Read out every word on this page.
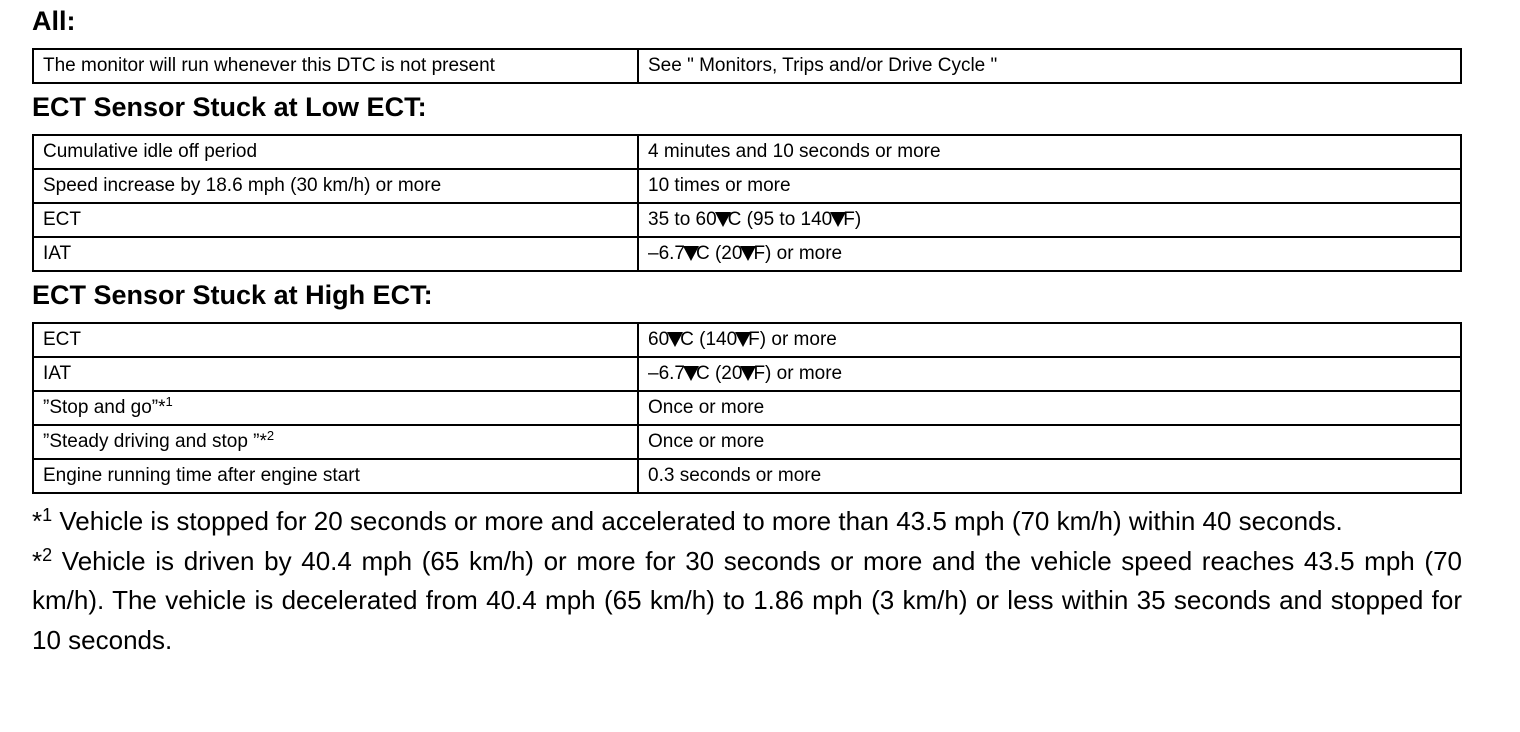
All:
The monitor will run whenever this DTC is not present	See " Monitors, Trips and/or Drive Cycle "
ECT Sensor Stuck at Low ECT:
Cumulative idle off period	4 minutes and 10 seconds or more
Speed increase by 18.6 mph (30 km/h) or more	10 times or more
ECT	35 to 60 C (95 to 140 F)
IAT	–6.7 C (20 F) or more
ECT Sensor Stuck at High ECT:
ECT	60 C (140 F) or more
IAT	–6.7 C (20 F) or more
”Stop and go”*$^1$	Once or more
”Steady driving and stop ”*$^2$	Once or more
Engine running time after engine start	0.3 seconds or more

*$^1$ Vehicle is stopped for 20 seconds or more and accelerated to more than 43.5 mph (70 km/h) within 40 seconds.

*$^2$ Vehicle is driven by 40.4 mph (65 km/h) or more for 30 seconds or more and the vehicle speed reaches 43.5 mph (70 km/h). The vehicle is decelerated from 40.4 mph (65 km/h) to 1.86 mph (3 km/h) or less within 35 seconds and stopped for 10 seconds.
